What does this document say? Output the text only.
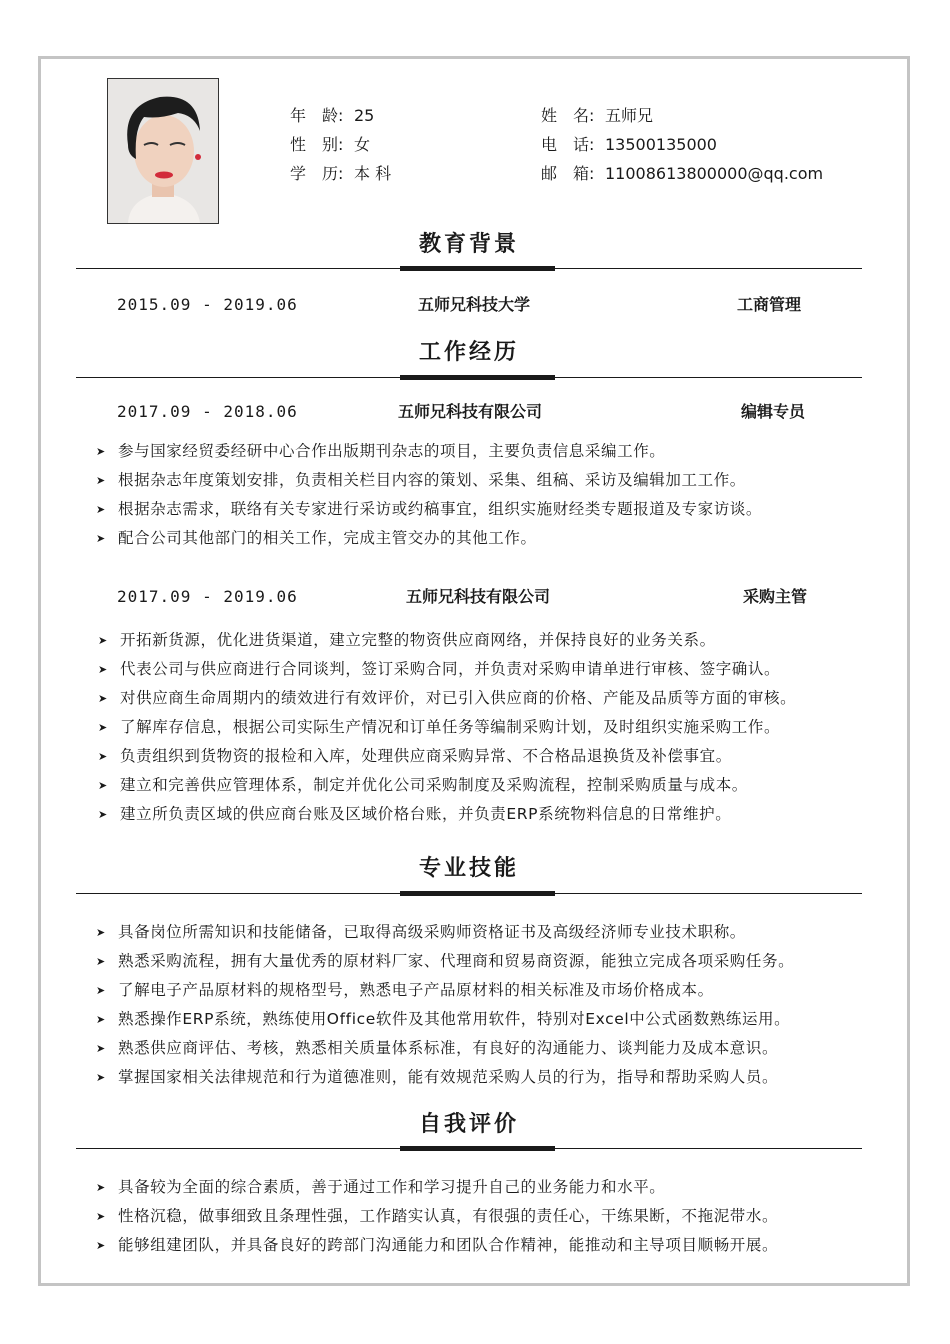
年　龄: 25
性　别: 女
学　历: 本 科
姓　名: 五师兄
电　话: 13500135000
邮　箱: 11008613800000@qq.com
教育背景
2015.09 - 2019.06	五师兄科技大学	工商管理
工作经历
2017.09 - 2018.06	五师兄科技有限公司	编辑专员
➤ 参与国家经贸委经研中心合作出版期刊杂志的项目，主要负责信息采编工作。
➤ 根据杂志年度策划安排，负责相关栏目内容的策划、采集、组稿、采访及编辑加工工作。
➤ 根据杂志需求，联络有关专家进行采访或约稿事宜，组织实施财经类专题报道及专家访谈。
➤ 配合公司其他部门的相关工作，完成主管交办的其他工作。
2017.09 - 2019.06	五师兄科技有限公司	采购主管
➤ 开拓新货源，优化进货渠道，建立完整的物资供应商网络，并保持良好的业务关系。
➤ 代表公司与供应商进行合同谈判，签订采购合同，并负责对采购申请单进行审核、签字确认。
➤ 对供应商生命周期内的绩效进行有效评价，对已引入供应商的价格、产能及品质等方面的审核。
➤ 了解库存信息，根据公司实际生产情况和订单任务等编制采购计划，及时组织实施采购工作。
➤ 负责组织到货物资的报检和入库，处理供应商采购异常、不合格品退换货及补偿事宜。
➤ 建立和完善供应管理体系，制定并优化公司采购制度及采购流程，控制采购质量与成本。
➤ 建立所负责区域的供应商台账及区域价格台账，并负责ERP系统物料信息的日常维护。
专业技能
➤ 具备岗位所需知识和技能储备，已取得高级采购师资格证书及高级经济师专业技术职称。
➤ 熟悉采购流程，拥有大量优秀的原材料厂家、代理商和贸易商资源，能独立完成各项采购任务。
➤ 了解电子产品原材料的规格型号，熟悉电子产品原材料的相关标准及市场价格成本。
➤ 熟悉操作ERP系统，熟练使用Office软件及其他常用软件，特别对Excel中公式函数熟练运用。
➤ 熟悉供应商评估、考核，熟悉相关质量体系标准，有良好的沟通能力、谈判能力及成本意识。
➤ 掌握国家相关法律规范和行为道德准则，能有效规范采购人员的行为，指导和帮助采购人员。
自我评价
➤ 具备较为全面的综合素质，善于通过工作和学习提升自己的业务能力和水平。
➤ 性格沉稳，做事细致且条理性强，工作踏实认真，有很强的责任心，干练果断，不拖泥带水。
➤ 能够组建团队，并具备良好的跨部门沟通能力和团队合作精神，能推动和主导项目顺畅开展。
